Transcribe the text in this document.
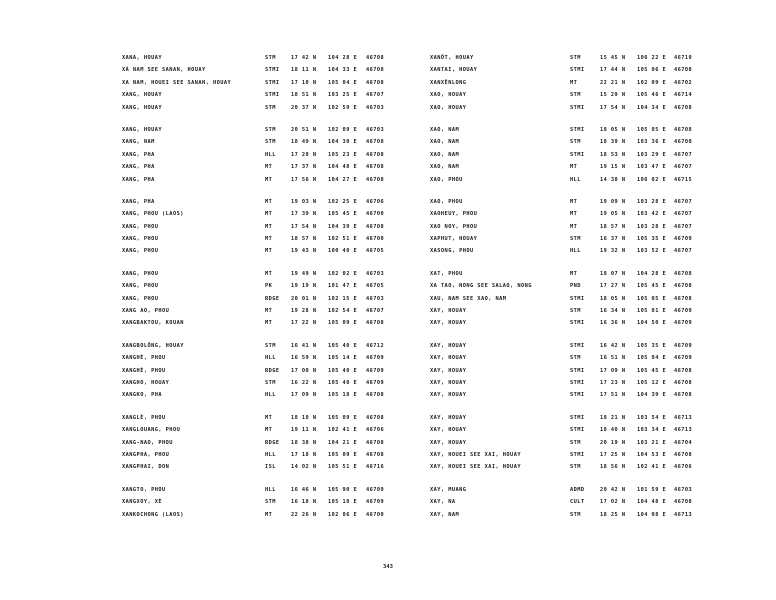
XANA, HOUAY	STM	17 42 N 104 28 E 46708
XÀ NAM SEE SANAN, HOUAY	STMI 18 11 N 104 33 E 46708
XA NAM, HOUEI SEE SANAN, HOUAY	STMI 17 10 N 105 04 E 46708
XANG, HOUAY	STMI 18 51 N 103 25 E 46707
XANG, HOUAY	STM	20 37 N 102 59 E 46703
XANG, HOUAY	STM	20 51 N 102 09 E 46703
XANG, NAM	STM	18 49 N 104 30 E 46708
XANG, PHA	HLL	17 20 N 105 23 E 46708
XANG, PHA	MT	17 37 N 104 48 E 46708
XANG, PHA	MT	17 56 N 104 27 E 46708
XANG, PHA	MT	19 03 N 102 25 E 46706
XANG, PHOU (LAOS)	MT	17 39 N 105 45 E 46700
XANG, PHOU	MT	17 54 N 104 39 E 46708
XANG, PHOU	MT	18 57 N 102 51 E 46700
XANG, PHOU	MT	19 43 N 100 40 E 46705
XANG, PHOU	MT	19 49 N 102 02 E 46703
XANG, PHOU	PK	19 19 N 101 47 E 46705
XANG, PHOU	RDGE 20 01 N 102 15 E 46703
XANG AO, PHOU	MT	19 28 N 102 54 E 46707
XANGBAKTOU, KOUAN	MT	17 22 N 105 09 E 46708
XANGBOLÔNG, HOUAY	STM	16 41 N 105 40 E 46712
XANGHÈ, PHOU	HLL	16 59 N 105 14 E 46709
XANGHÈ, PHOU	RDGE 17 00 N 105 40 E 46709
XANGHO, HOUAY	STM	16 22 N 105 40 E 46709
XANGKO, PHA	HLL	17 09 N 105 18 E 46708
XANGLÈ, PHOU	MT	18 10 N 105 09 E 46708
XANGLOUANG, PHOU	MT	19 11 N 102 41 E 46706
XANG-NAO, PHOU	RDGE 18 38 N 104 21 E 46708
XANGPHA, PHOU	HLL	17 18 N 105 09 E 46708
XANGPHAI, DON	ISL	14 02 N 105 51 E 46716
XANGTO, PHOU	HLL	16 46 N 105 90 E 46709
XANGXOY, XÈ	STM	16 18 N 105 18 E 46709
XANKOCHONG (LAOS)	MT	22 26 N 102 06 E 46700
XANÔT, HOUAY	STM	15 45 N 106 22 E 46710
XANTAI, HOUAY	STMI	17 44 N 105 06 E 46708
XANXÊNLONG	MT	22 21 N 102 09 E 46702
XAO, HOUAY	STM	15 29 N 105 46 E 46714
XAO, HOUAY	STMI	17 54 N 104 34 E 46708
XAO, NAM	STMI	18 05 N 105 05 E 46708
XAO, NAM	STM	18 39 N 103 36 E 46700
XAO, NAM	STMI	18 53 N 103 29 E 46707
XAO, NAM	MT	19 15 N 103 47 E 46707
XAO, PHOU	HLL	14 38 N 106 02 E 46715
XAO, PHOU	MT	19 09 N 103 28 E 46707
XAOHEUY, PHOU	MT	19 05 N 103 42 E 46707
XAO NOY, PHOU	MT	18 57 N 103 28 E 46707
XAPHUT, HOUAY	STM	16 37 N 105 35 E 46709
XASONG, PHOU	HLL	19 32 N 103 52 E 46707
XAT, PHOU	MT	18 07 N 104 28 E 46708
XA TAO, NONG SEE SALAO, NONG	PND	17 27 N 105 45 E 46708
XAU, NAM SEE XAO, NAM	STMI	18 05 N 105 05 E 46708
XAY, HOUAY	STM	16 34 N 105 01 E 46709
XAY, HOUAY	STMI	16 36 N 104 50 E 46709
XAY, HOUAY	STMI	16 42 N 105 35 E 46709
XAY, HOUAY	STM	16 51 N 105 04 E 46709
XAY, HOUAY	STMI	17 09 N 105 45 E 46708
XAY, HOUAY	STMI	17 23 N 105 12 E 46708
XAY, HOUAY	STMI	17 51 N 104 39 E 46708
XAY, HOUAY	STMI	18 21 N 103 54 E 46713
XAY, HOUAY	STMI	18 40 N 103 34 E 46713
XAY, HOUAY	STM	20 19 N 103 21 E 46704
XAY, HOUEI SEE XAI, HOUAY	STMI	17 25 N 104 53 E 46708
XAY, HOUEI SEE XAI, HOUAY	STM	18 56 N 102 41 E 46706
XAY, MUANG	ADMD	20 42 N 101 59 E 46703
XAY, NA	CULT	17 02 N 104 48 E 46708
XAY, NAM	STM	18 25 N 104 08 E 46713
343
